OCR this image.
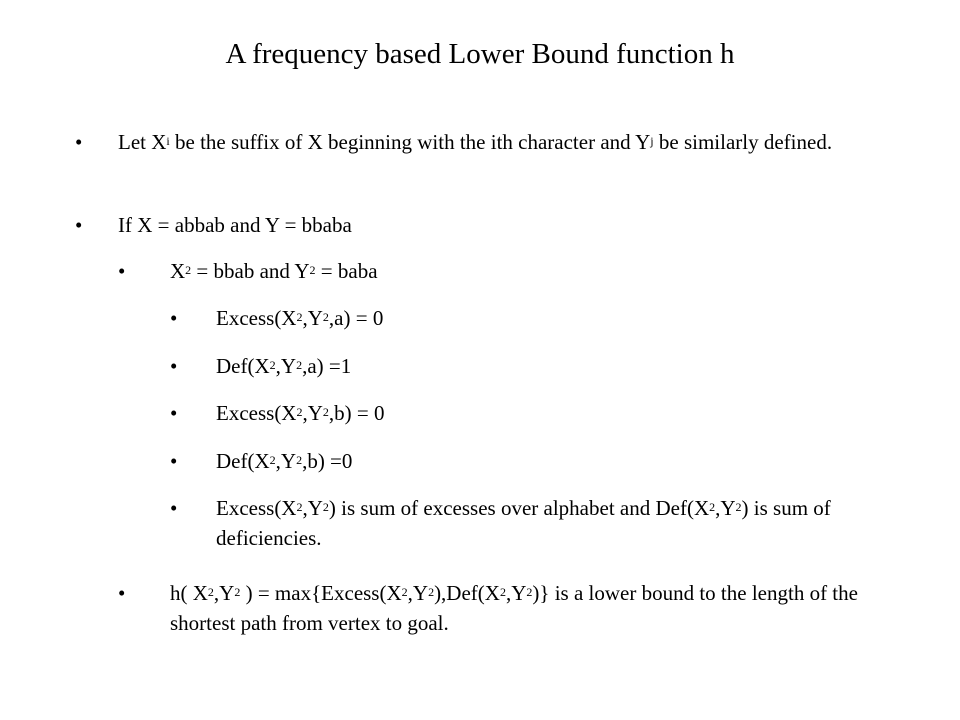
A frequency based Lower Bound function h
•	Let $X^i$ be the suffix of X beginning with the ith character and $Y^j$ be similarly defined.
•	If X = abbab and Y = bbaba
•	$X^2$ = bbab and $Y^2$ = baba
•	$Excess(X^2,Y^2,a) = 0$
•	$Def(X^2,Y^2,a) =1$
•	$Excess(X^2,Y^2,b) = 0$
•	$Def(X^2,Y^2,b) =0$
•	$Excess(X^2,Y^2)$ is sum of excesses over alphabet and $Def(X^2,Y^2)$ is sum of deficiencies.
•	h( $X^2,Y^2$ ) = $\max\{Excess(X^2,Y^2),Def(X^2,Y^2)\}$ is a lower bound to the length of the shortest path from vertex to goal.
